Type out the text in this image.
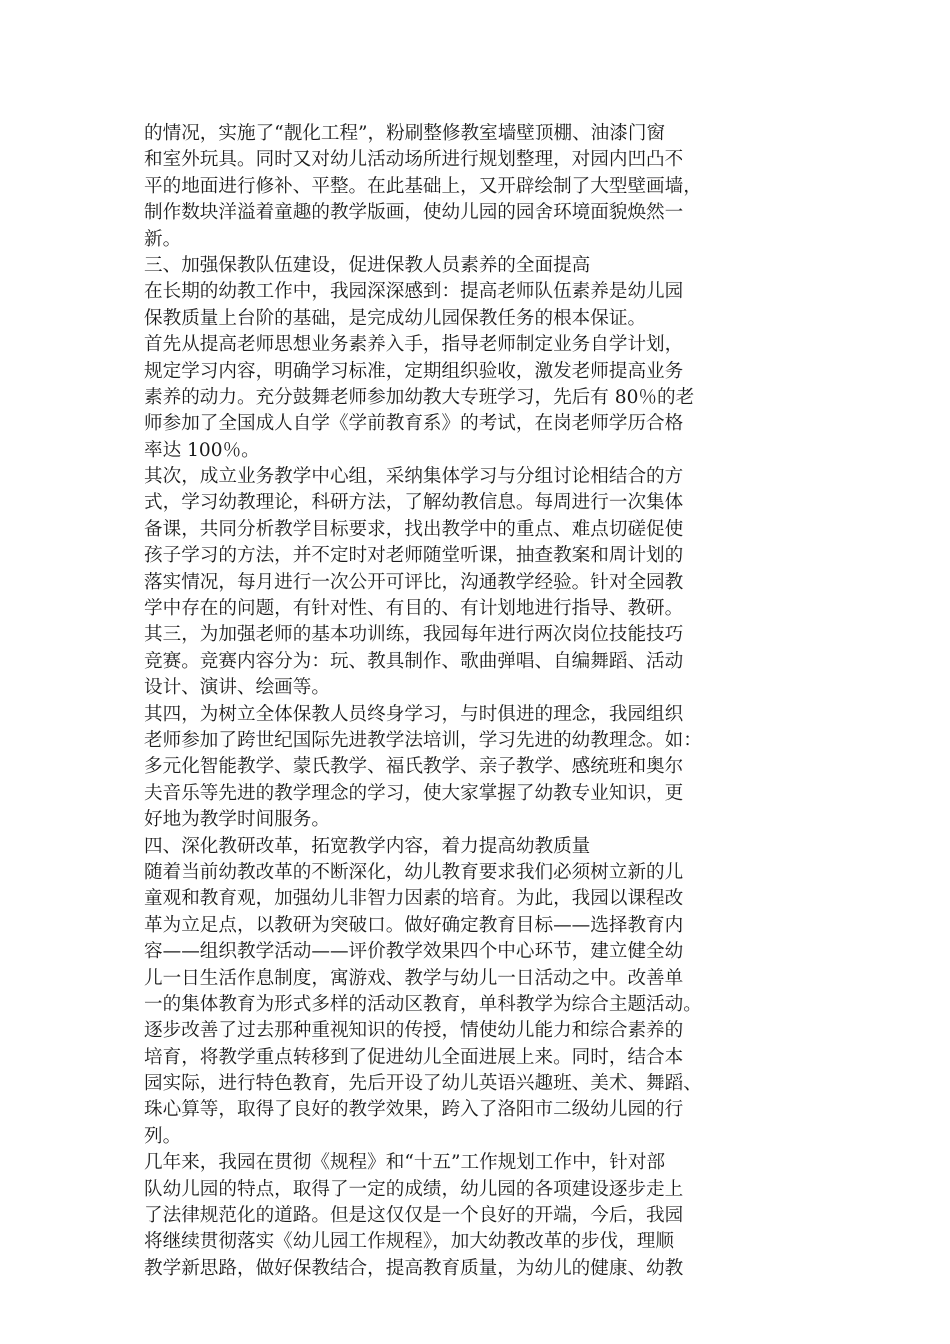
的情况，实施了“靓化工程”，粉刷整修教室墙壁顶棚、油漆门窗
和室外玩具。同时又对幼儿活动场所进行规划整理，对园内凹凸不
平的地面进行修补、平整。在此基础上，又开辟绘制了大型壁画墙，
制作数块洋溢着童趣的教学版画，使幼儿园的园舍环境面貌焕然一
新。
三、加强保教队伍建设，促进保教人员素养的全面提高
在长期的幼教工作中，我园深深感到：提高老师队伍素养是幼儿园
保教质量上台阶的基础，是完成幼儿园保教任务的根本保证。
首先从提高老师思想业务素养入手，指导老师制定业务自学计划，
规定学习内容，明确学习标准，定期组织验收，激发老师提高业务
素养的动力。充分鼓舞老师参加幼教大专班学习，先后有 80％的老
师参加了全国成人自学《学前教育系》的考试，在岗老师学历合格
率达 100％。
其次，成立业务教学中心组，采纳集体学习与分组讨论相结合的方
式，学习幼教理论，科研方法，了解幼教信息。每周进行一次集体
备课，共同分析教学目标要求，找出教学中的重点、难点切磋促使
孩子学习的方法，并不定时对老师随堂听课，抽查教案和周计划的
落实情况，每月进行一次公开可评比，沟通教学经验。针对全园教
学中存在的问题，有针对性、有目的、有计划地进行指导、教研。
其三，为加强老师的基本功训练，我园每年进行两次岗位技能技巧
竞赛。竞赛内容分为：玩、教具制作、歌曲弹唱、自编舞蹈、活动
设计、演讲、绘画等。
其四，为树立全体保教人员终身学习，与时俱进的理念，我园组织
老师参加了跨世纪国际先进教学法培训，学习先进的幼教理念。如：
多元化智能教学、蒙氏教学、福氏教学、亲子教学、感统班和奥尔
夫音乐等先进的教学理念的学习，使大家掌握了幼教专业知识，更
好地为教学时间服务。
四、深化教研改革，拓宽教学内容，着力提高幼教质量
随着当前幼教改革的不断深化，幼儿教育要求我们必须树立新的儿
童观和教育观，加强幼儿非智力因素的培育。为此，我园以课程改
革为立足点，以教研为突破口。做好确定教育目标——选择教育内
容——组织教学活动——评价教学效果四个中心环节，建立健全幼
儿一日生活作息制度，寓游戏、教学与幼儿一日活动之中。改善单
一的集体教育为形式多样的活动区教育，单科教学为综合主题活动。
逐步改善了过去那种重视知识的传授，情使幼儿能力和综合素养的
培育，将教学重点转移到了促进幼儿全面进展上来。同时，结合本
园实际，进行特色教育，先后开设了幼儿英语兴趣班、美术、舞蹈、
珠心算等，取得了良好的教学效果，跨入了洛阳市二级幼儿园的行
列。
几年来，我园在贯彻《规程》和“十五”工作规划工作中，针对部
队幼儿园的特点，取得了一定的成绩，幼儿园的各项建设逐步走上
了法律规范化的道路。但是这仅仅是一个良好的开端，今后，我园
将继续贯彻落实《幼儿园工作规程》，加大幼教改革的步伐，理顺
教学新思路，做好保教结合，提高教育质量，为幼儿的健康、幼教
